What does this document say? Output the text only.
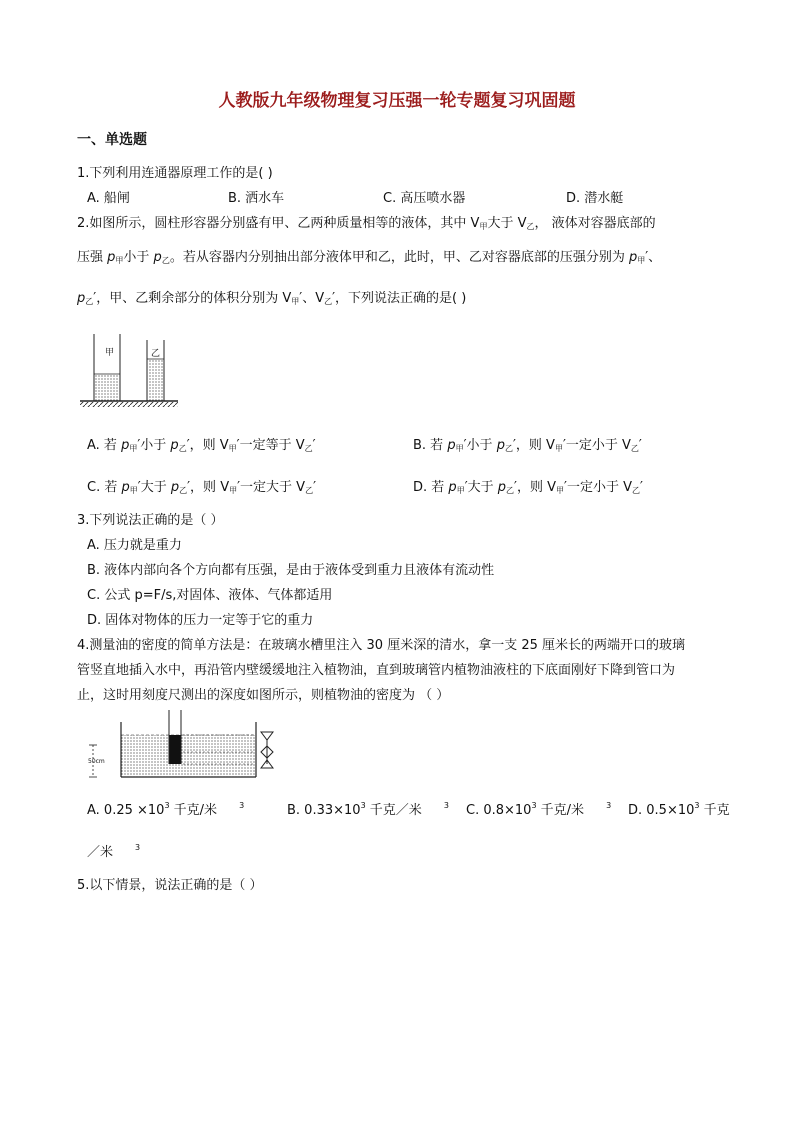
人教版九年级物理复习压强一轮专题复习巩固题
一、单选题
1.下列利用连通器原理工作的是( )
A. 船闸	B. 洒水车	C. 高压喷水器	D. 潜水艇
2.如图所示，圆柱形容器分别盛有甲、乙两种质量相等的液体，其中 $V_甲$大于 $V_乙$， 液体对容器底部的
压强 $p_甲$小于 $p_乙$。若从容器内分别抽出部分液体甲和乙，此时，甲、乙对容器底部的压强分别为 $p_甲'$、
$p_乙'$，甲、乙剩余部分的体积分别为 $V_甲'$、$V_乙'$，下列说法正确的是( )
甲	乙
A. 若 $p_甲'$小于 $p_乙'$，则 $V_甲'$一定等于 $V_乙'$	B. 若 $p_甲'$小于 $p_乙'$，则 $V_甲'$一定小于 $V_乙'$
C. 若 $p_甲'$大于 $p_乙'$，则 $V_甲'$一定大于 $V_乙'$	D. 若 $p_甲'$大于 $p_乙'$，则 $V_甲'$一定小于 $V_乙'$
3.下列说法正确的是（ ）
A. 压力就是重力
B. 液体内部向各个方向都有压强，是由于液体受到重力且液体有流动性
C. 公式 p=F/s,对固体、液体、气体都适用
D. 固体对物体的压力一定等于它的重力
4.测量油的密度的简单方法是：在玻璃水槽里注入 30 厘米深的清水，拿一支 25 厘米长的两端开口的玻璃
管竖直地插入水中，再沿管内壁缓缓地注入植物油，直到玻璃管内植物油液柱的下底面刚好下降到管口为
止，这时用刻度尺测出的深度如图所示，则植物油的密度为 （ ）
50cm
A. $0.25 \times 10^3$ 千克/米	$^3$	B. $0.33\times 10^3$ 千克／米	$^3$ C. $0.8\times 10^3$ 千克/米	$^3$ D. $0.5\times 10^3$ 千克
／米	$^3$
5.以下情景，说法正确的是（ ）
